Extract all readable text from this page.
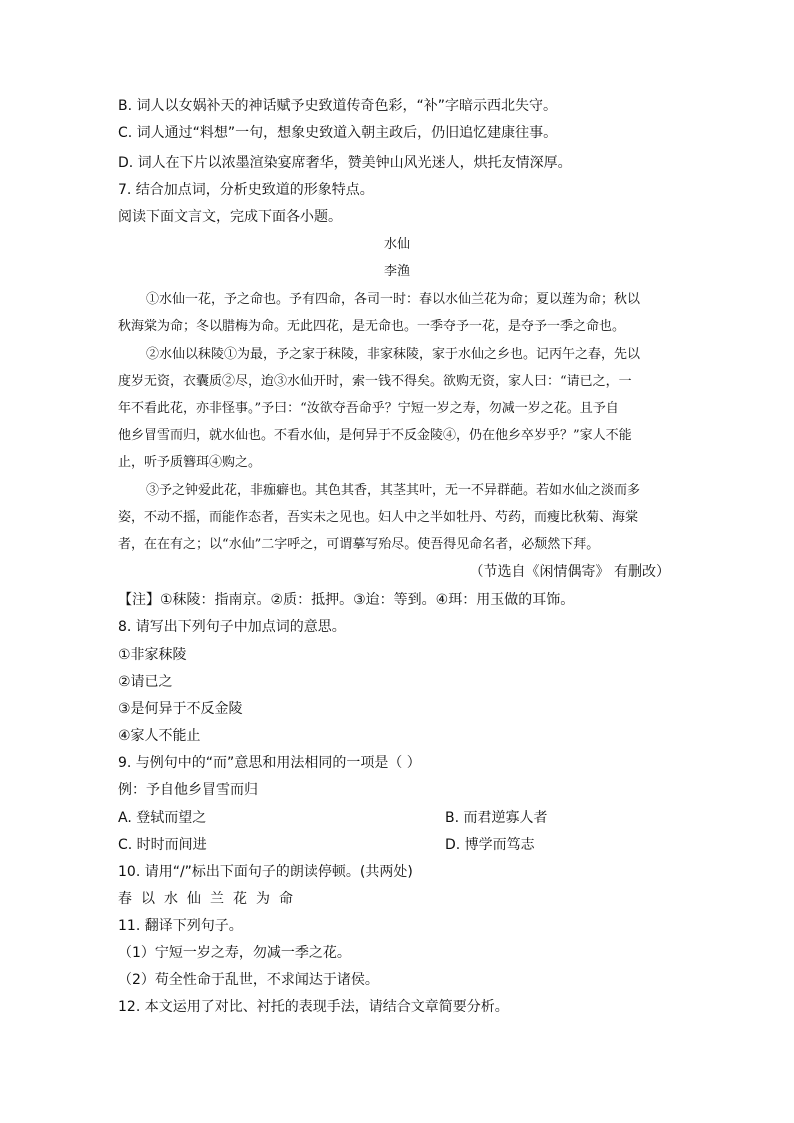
B. 词人以女娲补天的神话赋予史致道传奇色彩，“补”字暗示西北失守。
C. 词人通过“料想”一句，想象史致道入朝主政后，仍旧追忆建康往事。
D. 词人在下片以浓墨渲染宴席奢华，赞美钟山风光迷人，烘托友情深厚。
7. 结合加点词，分析史致道的形象特点。
阅读下面文言文，完成下面各小题。
水仙
李渔
①水仙一花，予之命也。予有四命，各司一时：春以水仙兰花为命；夏以莲为命；秋以
秋海棠为命；冬以腊梅为命。无此四花，是无命也。一季夺予一花，是夺予一季之命也。
②水仙以秣陵①为最，予之家于秣陵，非家秣陵，家于水仙之乡也。记丙午之春，先以
度岁无资，衣囊质②尽，迨③水仙开时，索一钱不得矣。欲购无资，家人曰：“请已之，一
年不看此花，亦非怪事。”予曰：“汝欲夺吾命乎？宁短一岁之寿，勿减一岁之花。且予自
他乡冒雪而归，就水仙也。不看水仙，是何异于不反金陵④，仍在他乡卒岁乎？”家人不能
止，听予质簪珥④购之。
③予之钟爱此花，非痂癖也。其色其香，其茎其叶，无一不异群葩。若如水仙之淡而多
姿，不动不摇，而能作态者，吾实未之见也。妇人中之半如牡丹、芍药，而瘦比秋菊、海棠
者，在在有之；以“水仙”二字呼之，可谓摹写殆尽。使吾得见命名者，必颓然下拜。
（节选自《闲情偶寄》 有删改）
【注】①秣陵：指南京。②质：抵押。③迨：等到。④珥：用玉做的耳饰。
8. 请写出下列句子中加点词的意思。
①非家秣陵
②请已之
③是何异于不反金陵
④家人不能止
9. 与例句中的“而”意思和用法相同的一项是（ ）
例：予自他乡冒雪而归
A. 登轼而望之	B. 而君逆寡人者
C. 时时而间进	D. 博学而笃志
10. 请用“/”标出下面句子的朗读停顿。(共两处)
春以水仙兰花为命
11. 翻译下列句子。
（1）宁短一岁之寿，勿减一季之花。
（2）苟全性命于乱世，不求闻达于诸侯。
12. 本文运用了对比、衬托的表现手法，请结合文章简要分析。
